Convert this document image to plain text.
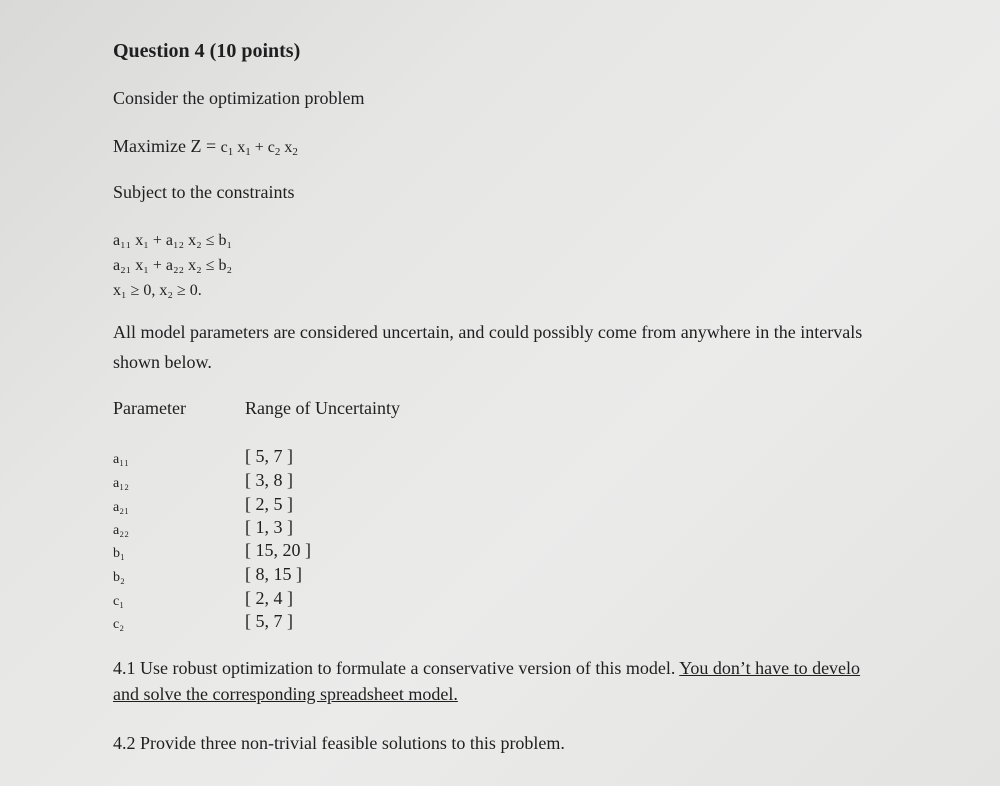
Question 4 (10 points)
Consider the optimization problem
Maximize $Z = c_1$ $x_1 + c_2$ $x_2$
Subject to the constraints
a₁₁ x₁ + a₁₂ x₂ ≤ b₁
a₂₁ x₁ + a₂₂ x₂ ≤ b₂
x₁ ≥ 0, x₂ ≥ 0.
All model parameters are considered uncertain, and could possibly come from anywhere in the intervals
shown below.
Parameter	Range of Uncertainty
a₁₁	[ 5, 7 ]
a₁₂	[ 3, 8 ]
a₂₁	[ 2, 5 ]
a₂₂	[ 1, 3 ]
b₁	[ 15, 20 ]
b₂	[ 8, 15 ]
c₁	[ 2, 4 ]
c₂	[ 5, 7 ]
4.1 Use robust optimization to formulate a conservative version of this model. You don’t have to develo
and solve the corresponding spreadsheet model.
4.2 Provide three non-trivial feasible solutions to this problem.
